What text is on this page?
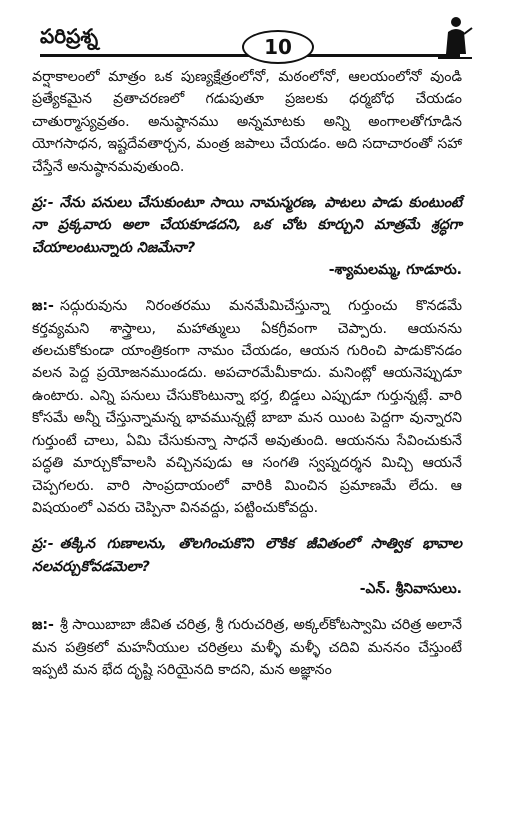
పరిప్రశ్న	10

వర్షాకాలంలో మాత్రం ఒక పుణ్యక్షేత్రంలోనో, మఠంలోనో, ఆలయంలోనో వుండి ప్రత్యేకమైన వ్రతాచరణలో గడుపుతూ ప్రజలకు ధర్మబోధ చేయడం చాతుర్మాస్యవ్రతం. అనుష్ఠానము అన్నమాటకు అన్ని అంగాలతోగూడిన యోగసాధన, ఇష్టదేవతార్చన, మంత్ర జపాలు చేయడం. అది సదాచారంతో సహా చేస్తేనే అనుష్ఠానమవుతుంది.

ప్ర:- నేను పనులు చేసుకుంటూ సాయి నామస్మరణ, పాటలు పాడు కుంటుంటే నా ప్రక్కవారు అలా చేయకూడదని, ఒక చోట కూర్చుని మాత్రమే శ్రద్ధగా చేయాలంటున్నారు నిజమేనా?

-శ్యామలమ్మ, గూడూరు.

జ:- సద్గురువును నిరంతరము మనమేమిచేస్తున్నా గుర్తుంచు కొనడమే కర్తవ్యమని శాస్త్రాలు, మహాత్ములు ఏకగ్రీవంగా చెప్పారు. ఆయనను తలచుకోకుండా యాంత్రికంగా నామం చేయడం, ఆయన గురించి పాడుకొనడం వలన పెద్ద ప్రయోజనముండదు. అపచారమేమీకాదు. మనింట్లో ఆయనెప్పుడూ ఉంటారు. ఎన్ని పనులు చేసుకొంటున్నా భర్త, బిడ్డలు ఎప్పుడూ గుర్తున్నట్లే. వారి కోసమే అన్నీ చేస్తున్నామన్న భావమున్నట్లే బాబా మన యింట పెద్దగా వున్నారని గుర్తుంటే చాలు, ఏమి చేసుకున్నా సాధనే అవుతుంది. ఆయనను సేవించుకునే పద్ధతి మార్చుకోవాలసి వచ్చినపుడు ఆ సంగతి స్వప్నదర్శన మిచ్చి ఆయనే చెప్పగలరు. వారి సాంప్రదాయంలో వారికి మించిన ప్రమాణమే లేదు. ఆ విషయంలో ఎవరు చెప్పినా వినవద్దు, పట్టించుకోవద్దు.

ప్ర:- తక్కిన గుణాలను, తొలగించుకొని లౌకిక జీవితంలో సాత్విక భావాల నలవర్చుకోవడమెలా?

-ఎన్. శ్రీనివాసులు.

జ:- శ్రీ సాయిబాబా జీవిత చరిత్ర, శ్రీ గురుచరిత్ర, అక్కల్‌కోటస్వామి చరిత్ర అలానే మన పత్రికలో మహనీయుల చరిత్రలు మళ్ళీ మళ్ళీ చదివి మననం చేస్తుంటే ఇప్పటి మన భేద దృష్టి సరియైనది కాదని, మన అజ్ఞానం
